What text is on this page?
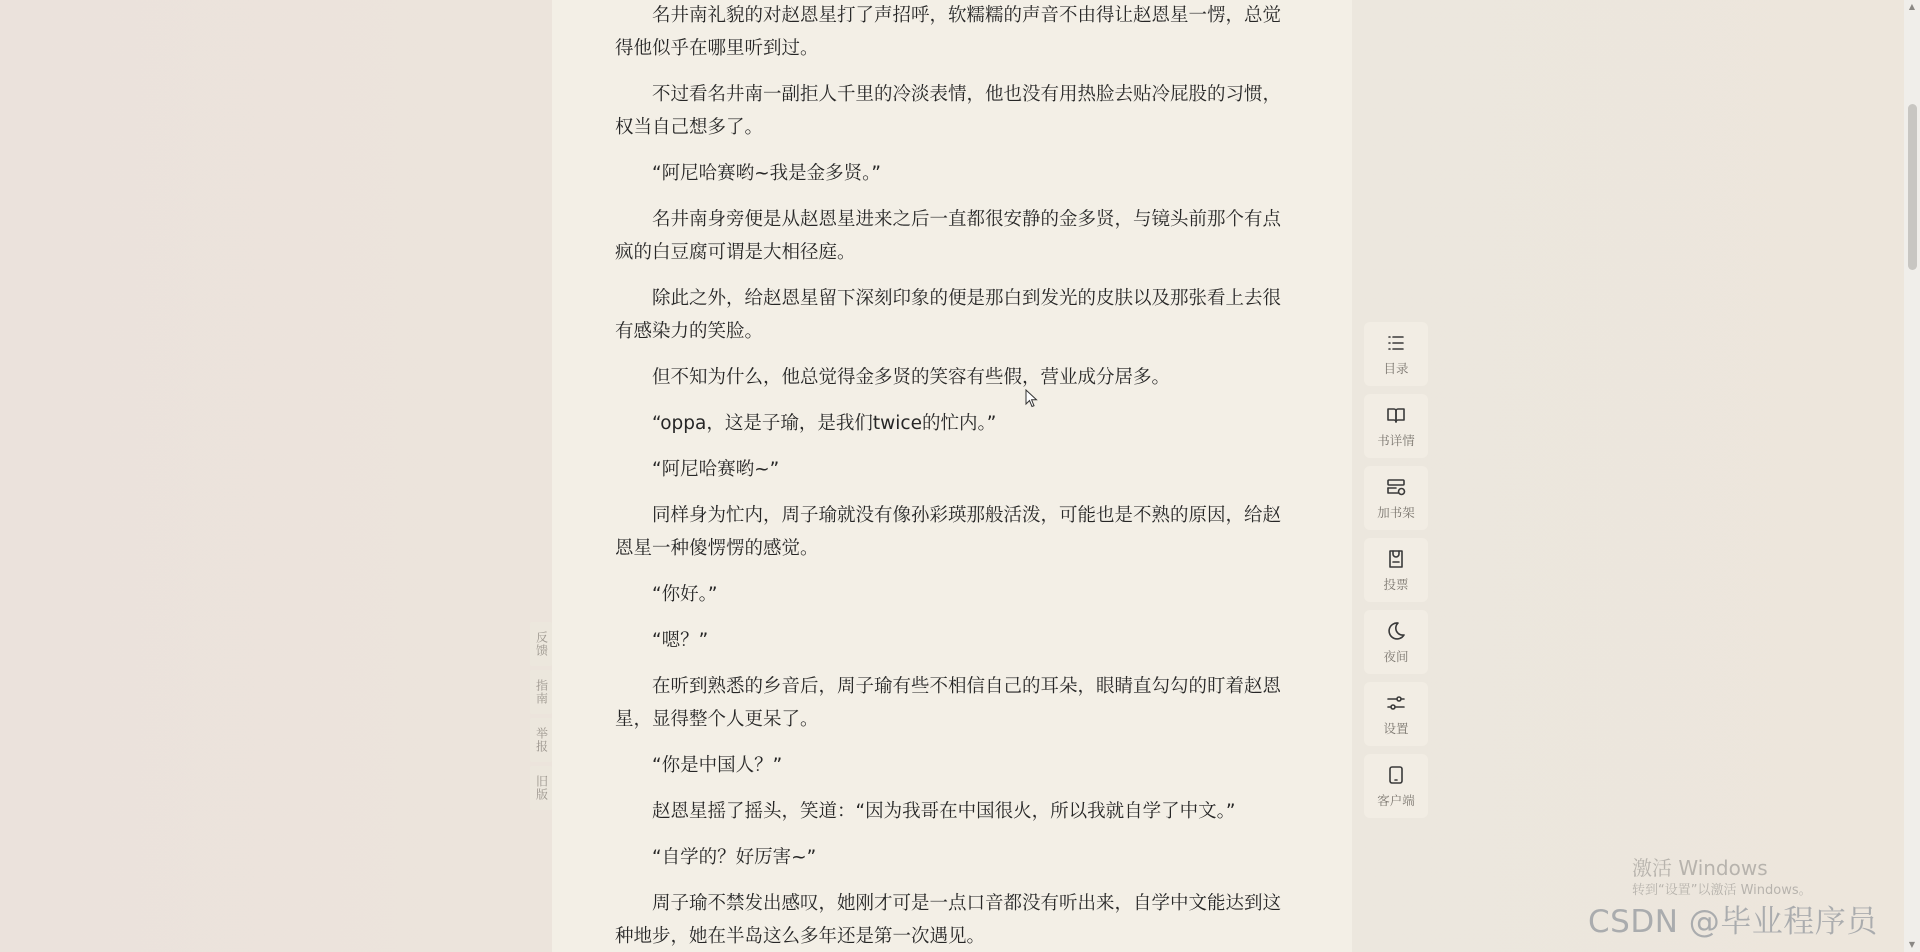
名井南礼貌的对赵恩星打了声招呼，软糯糯的声音不由得让赵恩星一愣，总觉得他似乎在哪里听到过。

不过看名井南一副拒人千里的冷淡表情，他也没有用热脸去贴冷屁股的习惯，权当自己想多了。

“阿尼哈赛哟~我是金多贤。”

名井南身旁便是从赵恩星进来之后一直都很安静的金多贤，与镜头前那个有点疯的白豆腐可谓是大相径庭。

除此之外，给赵恩星留下深刻印象的便是那白到发光的皮肤以及那张看上去很有感染力的笑脸。

但不知为什么，他总觉得金多贤的笑容有些假，营业成分居多。

“oppa，这是子瑜，是我们twice的忙内。”

“阿尼哈赛哟~”

同样身为忙内，周子瑜就没有像孙彩瑛那般活泼，可能也是不熟的原因，给赵恩星一种傻愣愣的感觉。

“你好。”

“嗯？”

在听到熟悉的乡音后，周子瑜有些不相信自己的耳朵，眼睛直勾勾的盯着赵恩星，显得整个人更呆了。

“你是中国人？”

赵恩星摇了摇头，笑道：“因为我哥在中国很火，所以我就自学了中文。”

“自学的？好厉害~”

周子瑜不禁发出感叹，她刚才可是一点口音都没有听出来，自学中文能达到这种地步，她在半岛这么多年还是第一次遇见。

反馈
指南
举报
旧版
目录
书详情
加书架
投票
夜间
设置
客户端
激活 Windows
转到“设置”以激活 Windows。
CSDN @毕业程序员
▲
▼
